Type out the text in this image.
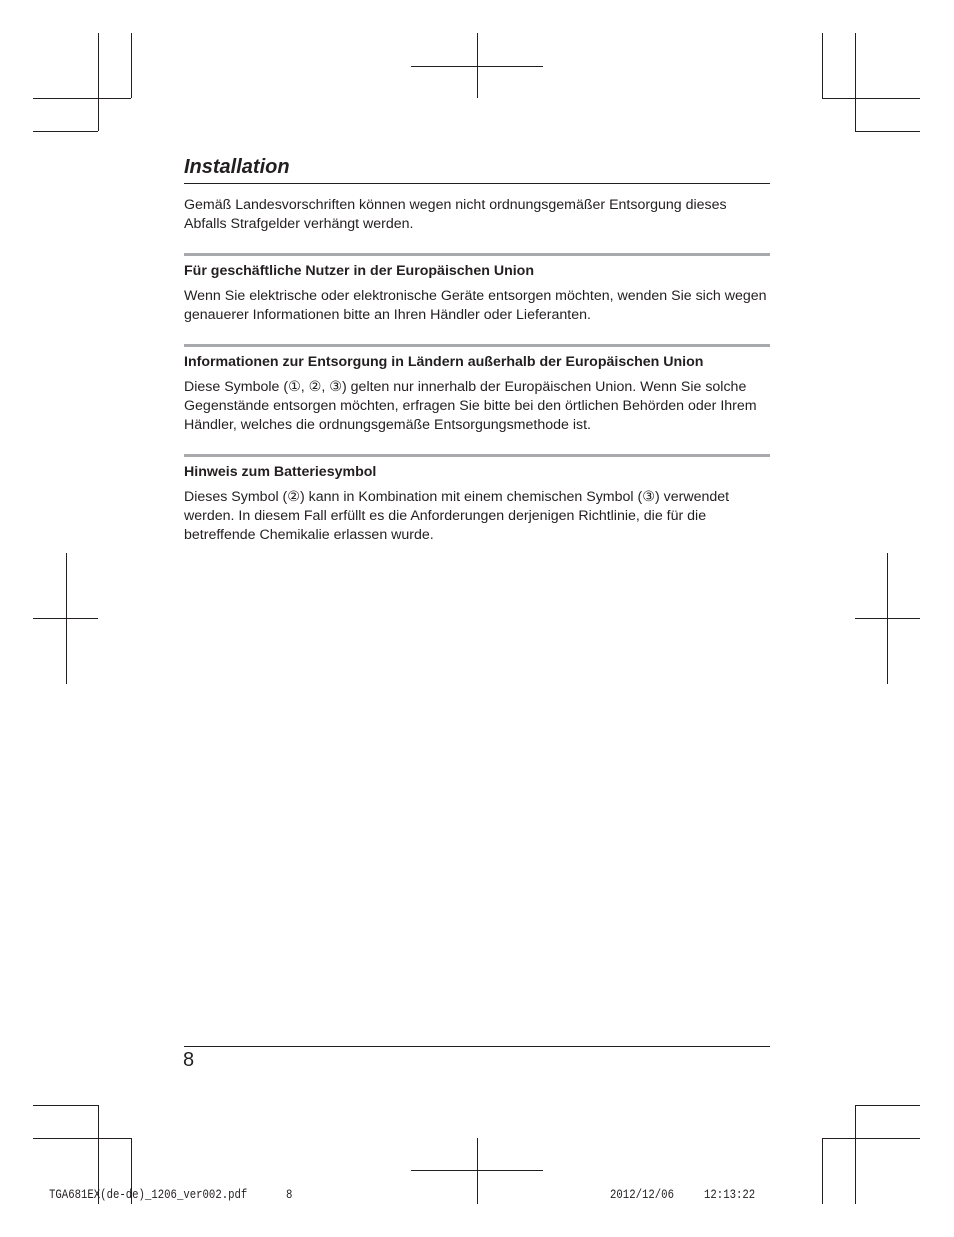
Installation

Gemäß Landesvorschriften können wegen nicht ordnungsgemäßer Entsorgung dieses Abfalls Strafgelder verhängt werden.

Für geschäftliche Nutzer in der Europäischen Union

Wenn Sie elektrische oder elektronische Geräte entsorgen möchten, wenden Sie sich wegen genauerer Informationen bitte an Ihren Händler oder Lieferanten.

Informationen zur Entsorgung in Ländern außerhalb der Europäischen Union

Diese Symbole (①, ②, ③) gelten nur innerhalb der Europäischen Union. Wenn Sie solche Gegenstände entsorgen möchten, erfragen Sie bitte bei den örtlichen Behörden oder Ihrem Händler, welches die ordnungsgemäße Entsorgungsmethode ist.

Hinweis zum Batteriesymbol

Dieses Symbol (②) kann in Kombination mit einem chemischen Symbol (③) verwendet werden. In diesem Fall erfüllt es die Anforderungen derjenigen Richtlinie, die für die betreffende Chemikalie erlassen wurde.

8
TGA681EX(de-de)_1206_ver002.pdf	8	2012/12/06 12:13:22
